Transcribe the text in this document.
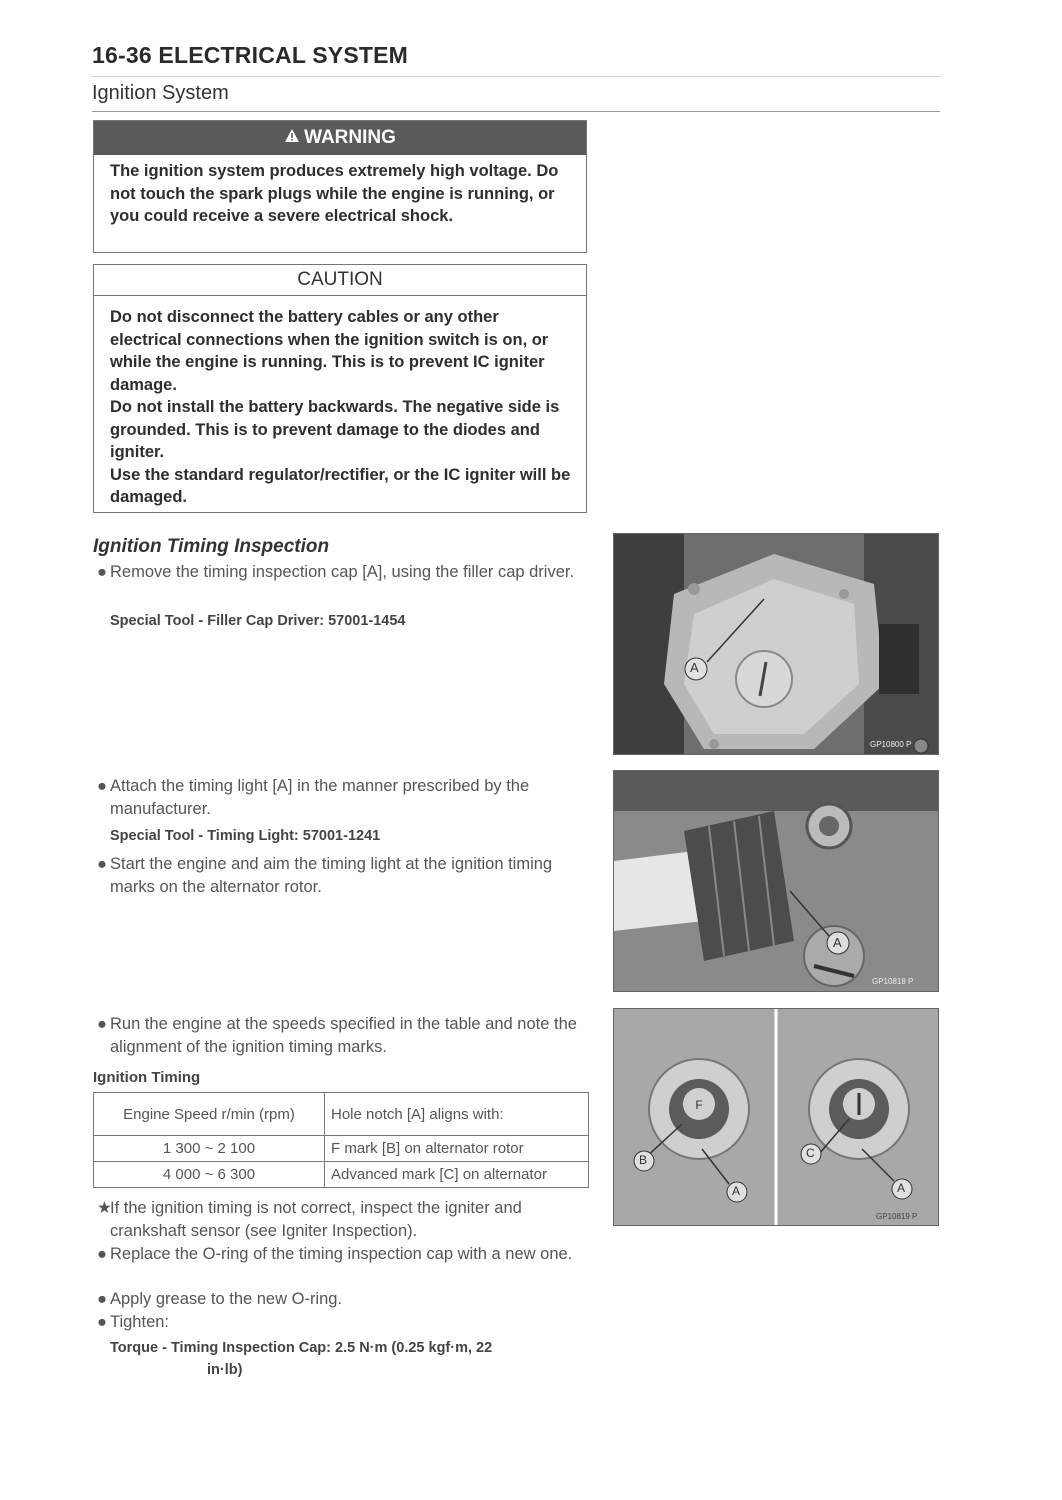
16-36 ELECTRICAL SYSTEM
Ignition System
WARNING
The ignition system produces extremely high voltage. Do not touch the spark plugs while the engine is running, or you could receive a severe electrical shock.
CAUTION
Do not disconnect the battery cables or any other electrical connections when the ignition switch is on, or while the engine is running. This is to prevent IC igniter damage.
Do not install the battery backwards. The negative side is grounded. This is to prevent damage to the diodes and igniter.
Use the standard regulator/rectifier, or the IC igniter will be damaged.
Ignition Timing Inspection
● Remove the timing inspection cap [A], using the filler cap driver.
Special Tool - Filler Cap Driver: 57001-1454
● Attach the timing light [A] in the manner prescribed by the manufacturer.
Special Tool - Timing Light: 57001-1241
● Start the engine and aim the timing light at the ignition timing marks on the alternator rotor.
● Run the engine at the speeds specified in the table and note the alignment of the ignition timing marks.
Ignition Timing
Engine Speed r/min (rpm)	Hole notch [A] aligns with:
1 300 ~ 2 100	F mark [B] on alternator rotor
4 000 ~ 6 300	Advanced mark [C] on alternator
★
If the ignition timing is not correct, inspect the igniter and crankshaft sensor (see Igniter Inspection).
● Replace the O-ring of the timing inspection cap with a new one.
● Apply grease to the new O-ring.
● Tighten:
Torque - Timing Inspection Cap: 2.5 N·m (0.25 kgf·m, 22
in·lb)
A
GP10800 P
A
GP10818 P
F
B
A
C
A
GP10819 P
